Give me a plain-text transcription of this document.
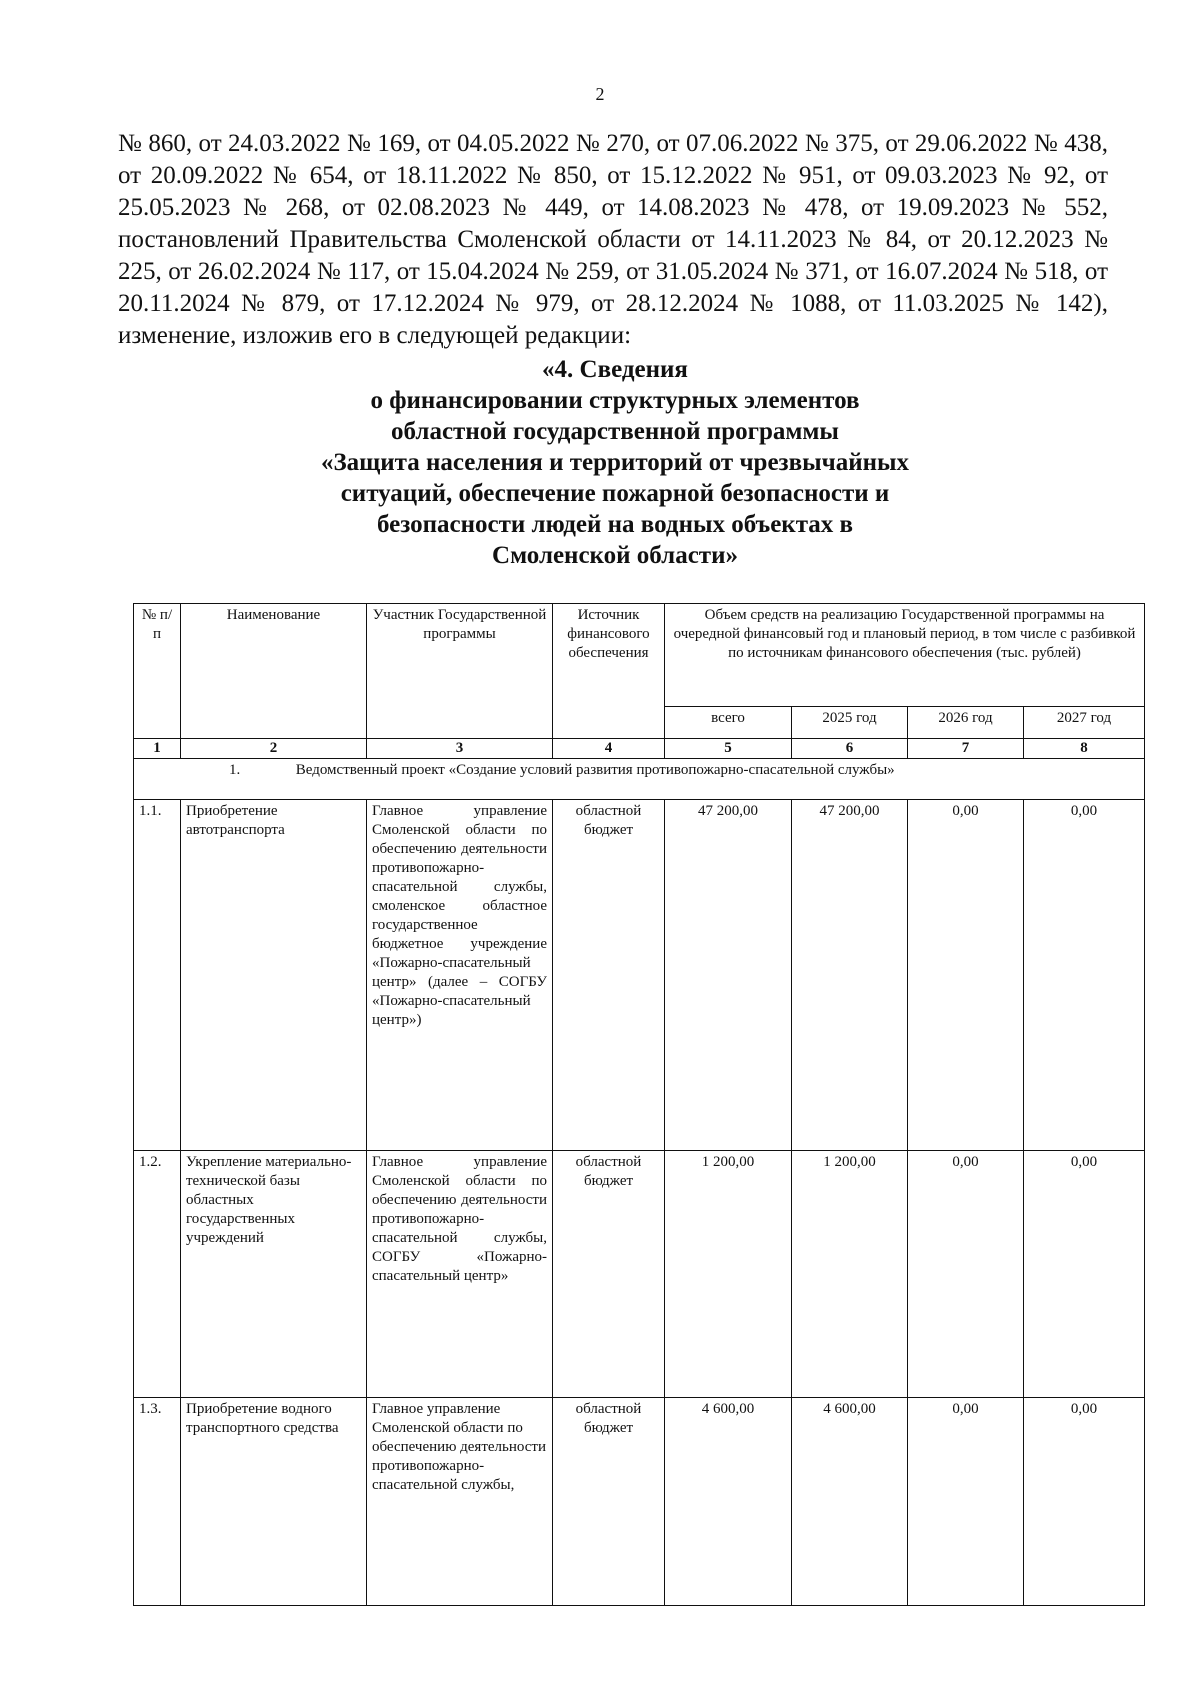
2
№ 860, от 24.03.2022 № 169, от 04.05.2022 № 270, от 07.06.2022 № 375, от 29.06.2022 № 438, от 20.09.2022 № 654, от 18.11.2022 № 850, от 15.12.2022 № 951, от 09.03.2023 № 92, от 25.05.2023 № 268, от 02.08.2023 № 449, от 14.08.2023 № 478, от 19.09.2023 № 552, постановлений Правительства Смоленской области от 14.11.2023 № 84, от 20.12.2023 № 225, от 26.02.2024 № 117, от 15.04.2024 № 259, от 31.05.2024 № 371, от 16.07.2024 № 518, от 20.11.2024 № 879, от 17.12.2024 № 979, от 28.12.2024 № 1088, от 11.03.2025 № 142), изменение, изложив его в следующей редакции:
«4. Сведения
о финансировании структурных элементов
областной государственной программы
«Защита населения и территорий от чрезвычайных
ситуаций, обеспечение пожарной безопасности и
безопасности людей на водных объектах в
Смоленской области»
№ п/п	Наименование	Участник Государственной программы	Источник финансового обеспечения	Объем средств на реализацию Государственной программы на очередной финансовый год и плановый период, в том числе с разбивкой по источникам финансового обеспечения (тыс. рублей)			
				всего	2025 год	2026 год	2027 год
1	2	3	4	5	6	7	8
1. Ведомственный проект «Создание условий развития противопожарно-спасательной службы»							
1.1.	Приобретение автотранспорта	Главное управление Смоленской области по обеспечению деятельности противопожарно-спасательной службы, смоленское областное государственное бюджетное учреждение «Пожарно-спасательный центр» (далее – СОГБУ «Пожарно-спасательный центр»)	областной бюджет	47 200,00	47 200,00	0,00	0,00
1.2.	Укрепление материально-технической базы областных государственных учреждений	Главное управление Смоленской области по обеспечению деятельности противопожарно-спасательной службы, СОГБУ «Пожарно-спасательный центр»	областной бюджет	1 200,00	1 200,00	0,00	0,00
1.3.	Приобретение водного транспортного средства	Главное управление Смоленской области по обеспечению деятельности противопожарно-спасательной службы,	областной бюджет	4 600,00	4 600,00	0,00	0,00
